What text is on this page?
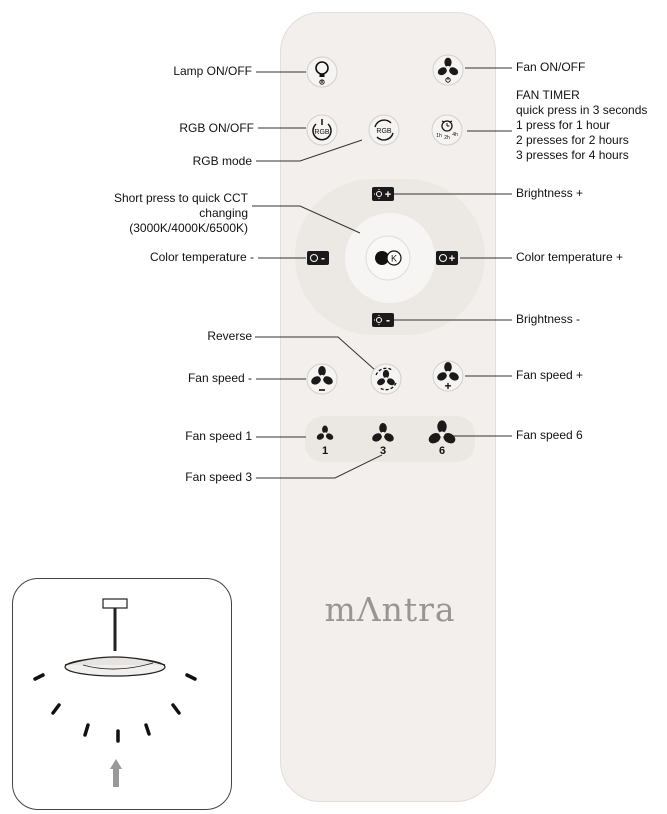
mΛntra
Lamp ON/OFF	Fan ON/OFF
RGB ON/OFF
RGB mode
FAN TIMER
quick press in 3 seconds
1 press for 1 hour
2 presses for 2 hours
3 presses for 4 hours
Short press to quick CCT
changing
(3000K/4000K/6500K)
Brightness +
Color temperature -	Color temperature +
Brightness -
Reverse
Fan speed -	Fan speed +
Fan speed 1	Fan speed 6
Fan speed 3
RGB	RGB
1h 2h 4h
+
-
-	+
K
+
1	3	6
